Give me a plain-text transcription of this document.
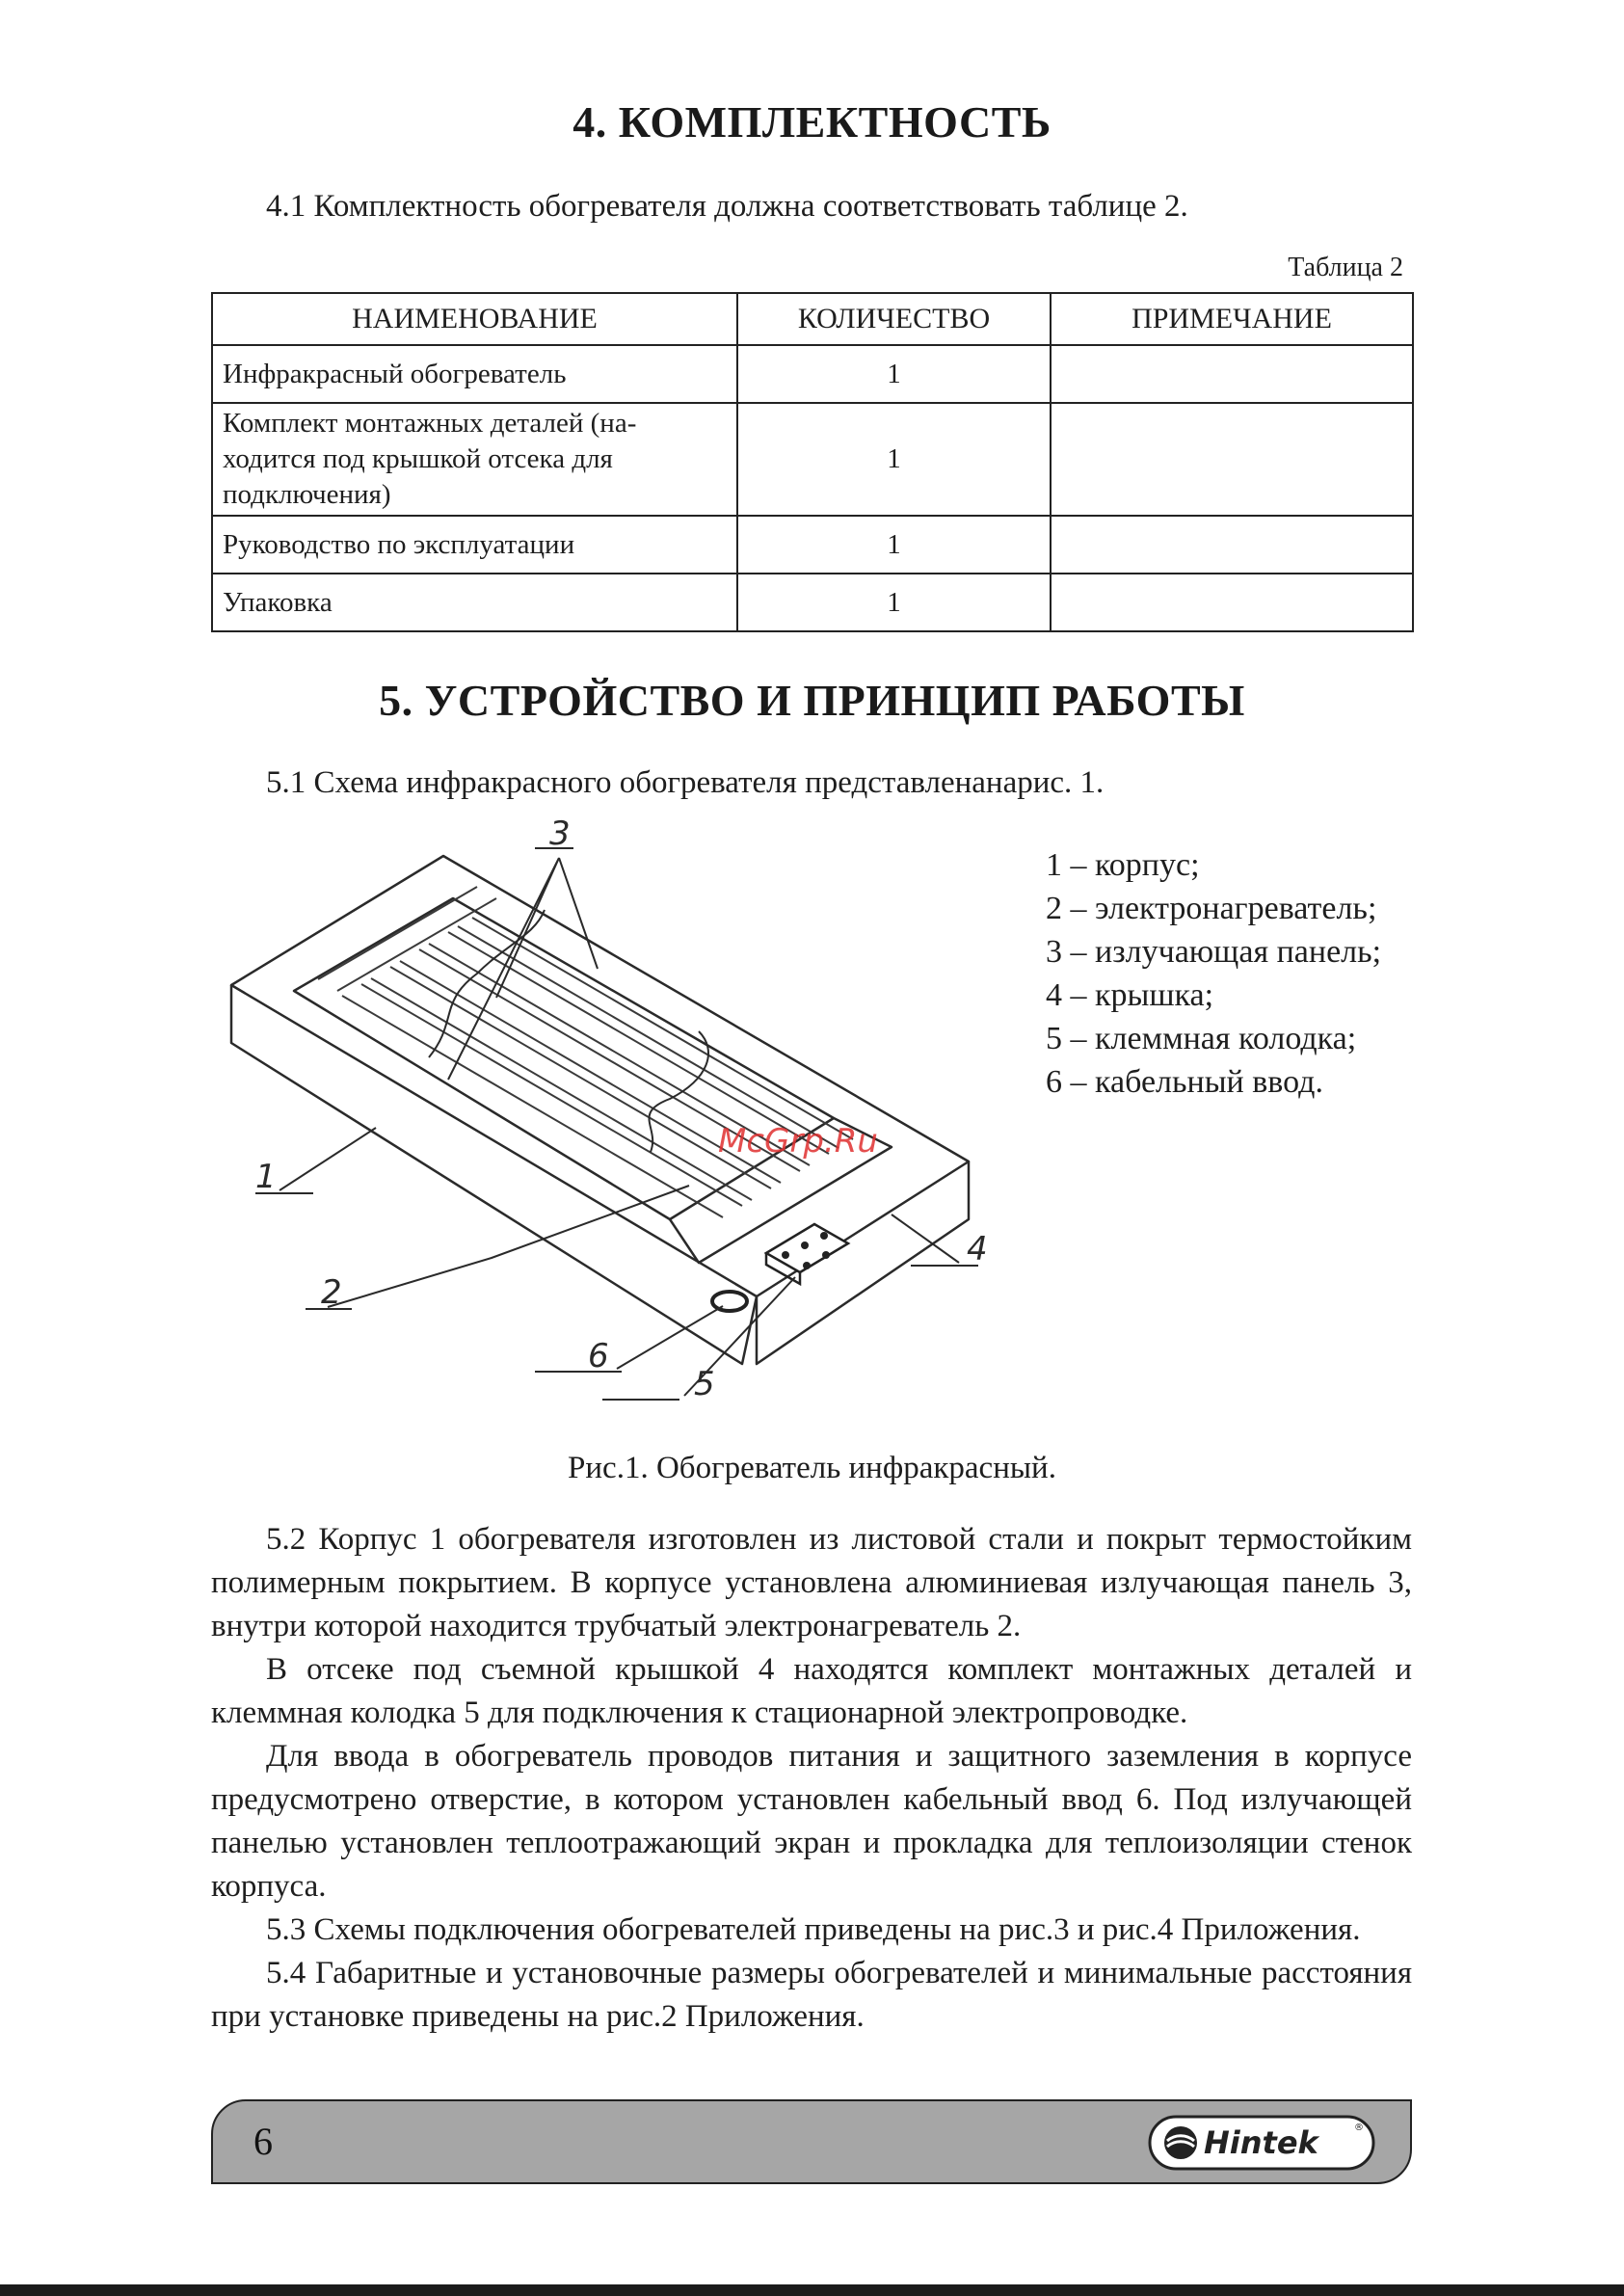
4. КОМПЛЕКТНОСТЬ

4.1 Комплектность обогревателя должна соответствовать таблице 2.

Таблица 2
НАИМЕНОВАНИЕ	КОЛИЧЕСТВО	ПРИМЕЧАНИЕ
Инфракрасный обогреватель	1	
Комплект монтажных деталей (на-
ходится под крышкой отсека для
подключения)	1	
Руководство по эксплуатации	1	
Упаковка	1	
5. УСТРОЙСТВО И ПРИНЦИП РАБОТЫ

5.1 Схема инфракрасного обогревателя представленанарис. 1.

1
2
3
4
5
6
McGrp.Ru
1 – корпус;
2 – электронагреватель;
3 – излучающая панель;
4 – крышка;
5 – клеммная колодка;
6 – кабельный ввод.
Рис.1. Обогреватель инфракрасный.

5.2 Корпус 1 обогревателя изготовлен из листовой стали и покрыт термостойким полимерным покрытием. В корпусе установлена алюминиевая излучающая панель 3, внутри которой находится трубчатый электронагреватель 2.

В отсеке под съемной крышкой 4 находятся комплект монтажных деталей и клеммная колодка 5 для подключения к стационарной электропроводке.

Для ввода в обогреватель проводов питания и защитного заземления в корпусе предусмотрено отверстие, в котором установлен кабельный ввод 6. Под излучающей панелью установлен теплоотражающий экран и прокладка для теплоизоляции стенок корпуса.

5.3 Схемы подключения обогревателей приведены на рис.3 и рис.4 Приложения.

5.4 Габаритные и установочные размеры обогревателей и минимальные расстояния при установке приведены на рис.2 Приложения.

6	Hintek	®
